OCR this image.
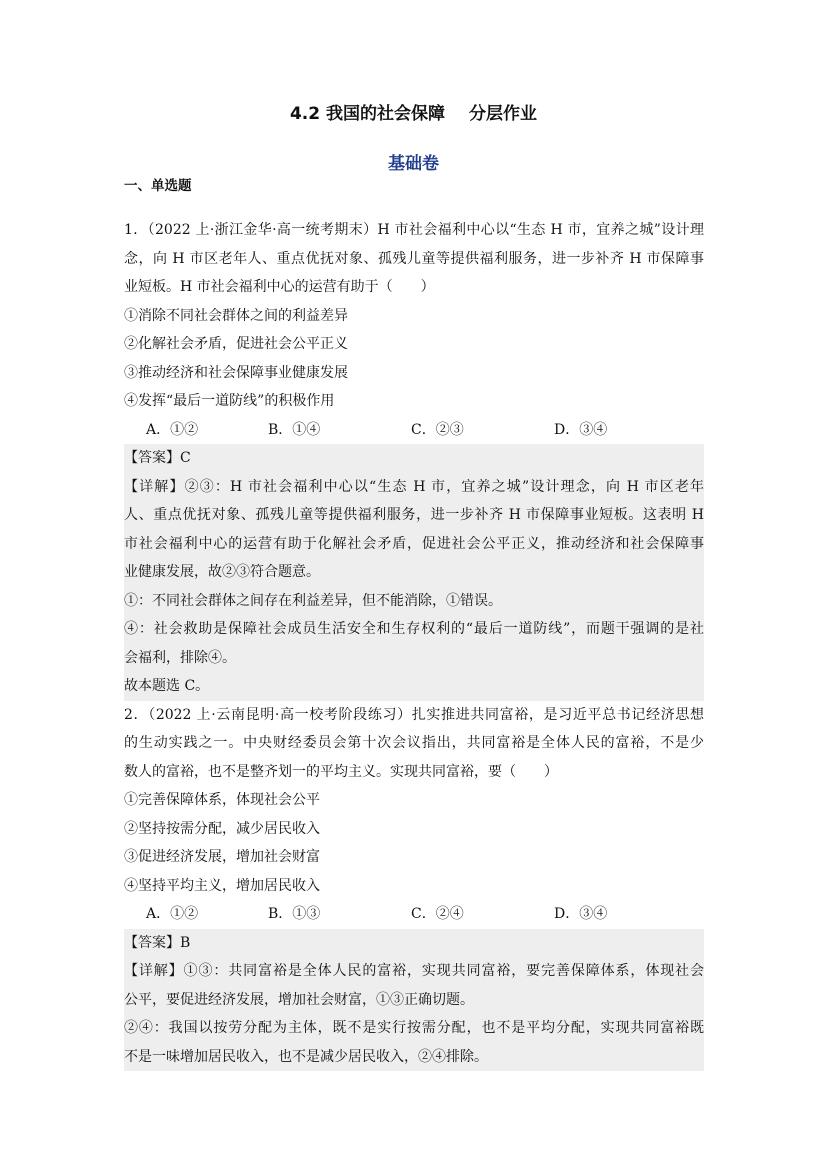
4.2 我国的社会保障 分层作业
基础卷
一、单选题
1．（2022 上·浙江金华·高一统考期末）H 市社会福利中心以“生态 H 市，宜养之城”设计理
念，向 H 市区老年人、重点优抚对象、孤残儿童等提供福利服务，进一步补齐 H 市保障事
业短板。H 市社会福利中心的运营有助于（　　）
①消除不同社会群体之间的利益差异
②化解社会矛盾，促进社会公平正义
③推动经济和社会保障事业健康发展
④发挥“最后一道防线”的积极作用
A．①②	B．①④	C．②③	D．③④
【答案】C
【详解】②③：H 市社会福利中心以“生态 H 市，宜养之城”设计理念，向 H 市区老年
人、重点优抚对象、孤残儿童等提供福利服务，进一步补齐 H 市保障事业短板。这表明 H
市社会福利中心的运营有助于化解社会矛盾，促进社会公平正义，推动经济和社会保障事
业健康发展，故②③符合题意。
①：不同社会群体之间存在利益差异，但不能消除，①错误。
④：社会救助是保障社会成员生活安全和生存权利的“最后一道防线”，而题干强调的是社
会福利，排除④。
故本题选 C。
2．（2022 上·云南昆明·高一校考阶段练习）扎实推进共同富裕，是习近平总书记经济思想
的生动实践之一。中央财经委员会第十次会议指出，共同富裕是全体人民的富裕，不是少
数人的富裕，也不是整齐划一的平均主义。实现共同富裕，要（　　）
①完善保障体系，体现社会公平
②坚持按需分配，减少居民收入
③促进经济发展，增加社会财富
④坚持平均主义，增加居民收入
A．①②	B．①③	C．②④	D．③④
【答案】B
【详解】①③：共同富裕是全体人民的富裕，实现共同富裕，要完善保障体系，体现社会
公平，要促进经济发展，增加社会财富，①③正确切题。
②④：我国以按劳分配为主体，既不是实行按需分配，也不是平均分配，实现共同富裕既
不是一味增加居民收入，也不是减少居民收入，②④排除。
